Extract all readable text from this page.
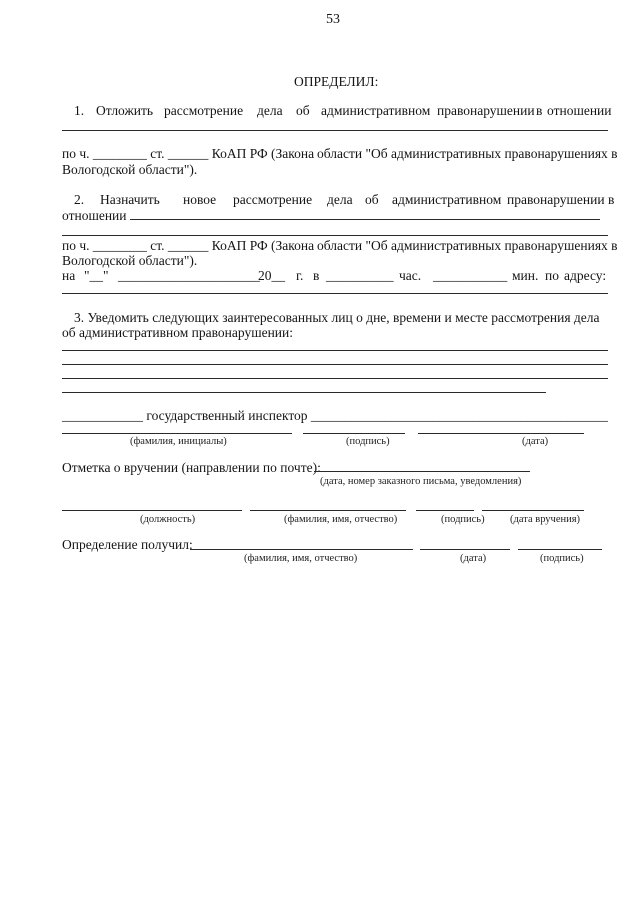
53
ОПРЕДЕЛИЛ:
1. Отложить рассмотрение дела об административном правонарушении в отношении
по ч. ________ ст. ______ КоАП РФ (Закона области "Об административных правонарушениях в
Вологодской области").
2. Назначить новое рассмотрение дела об административном правонарушении в
отношении
по ч. ________ ст. ______ КоАП РФ (Закона области "Об административных правонарушениях в
Вологодской области").
на "__" _____________________
20__ г. в __________ час. ___________ мин. по адресу:
3. Уведомить следующих заинтересованных лиц о дне, времени и месте рассмотрения дела
об административном правонарушении:
____________ государственный инспектор ____________________________________________
(фамилия, инициалы)	(подпись)	(дата)
Отметка о вручении (направлении по почте):
(дата, номер заказного письма, уведомления)
(должность)	(фамилия, имя, отчество)	(подпись) (дата вручения)
Определение получил:
(фамилия, имя, отчество)	(дата)	(подпись)
